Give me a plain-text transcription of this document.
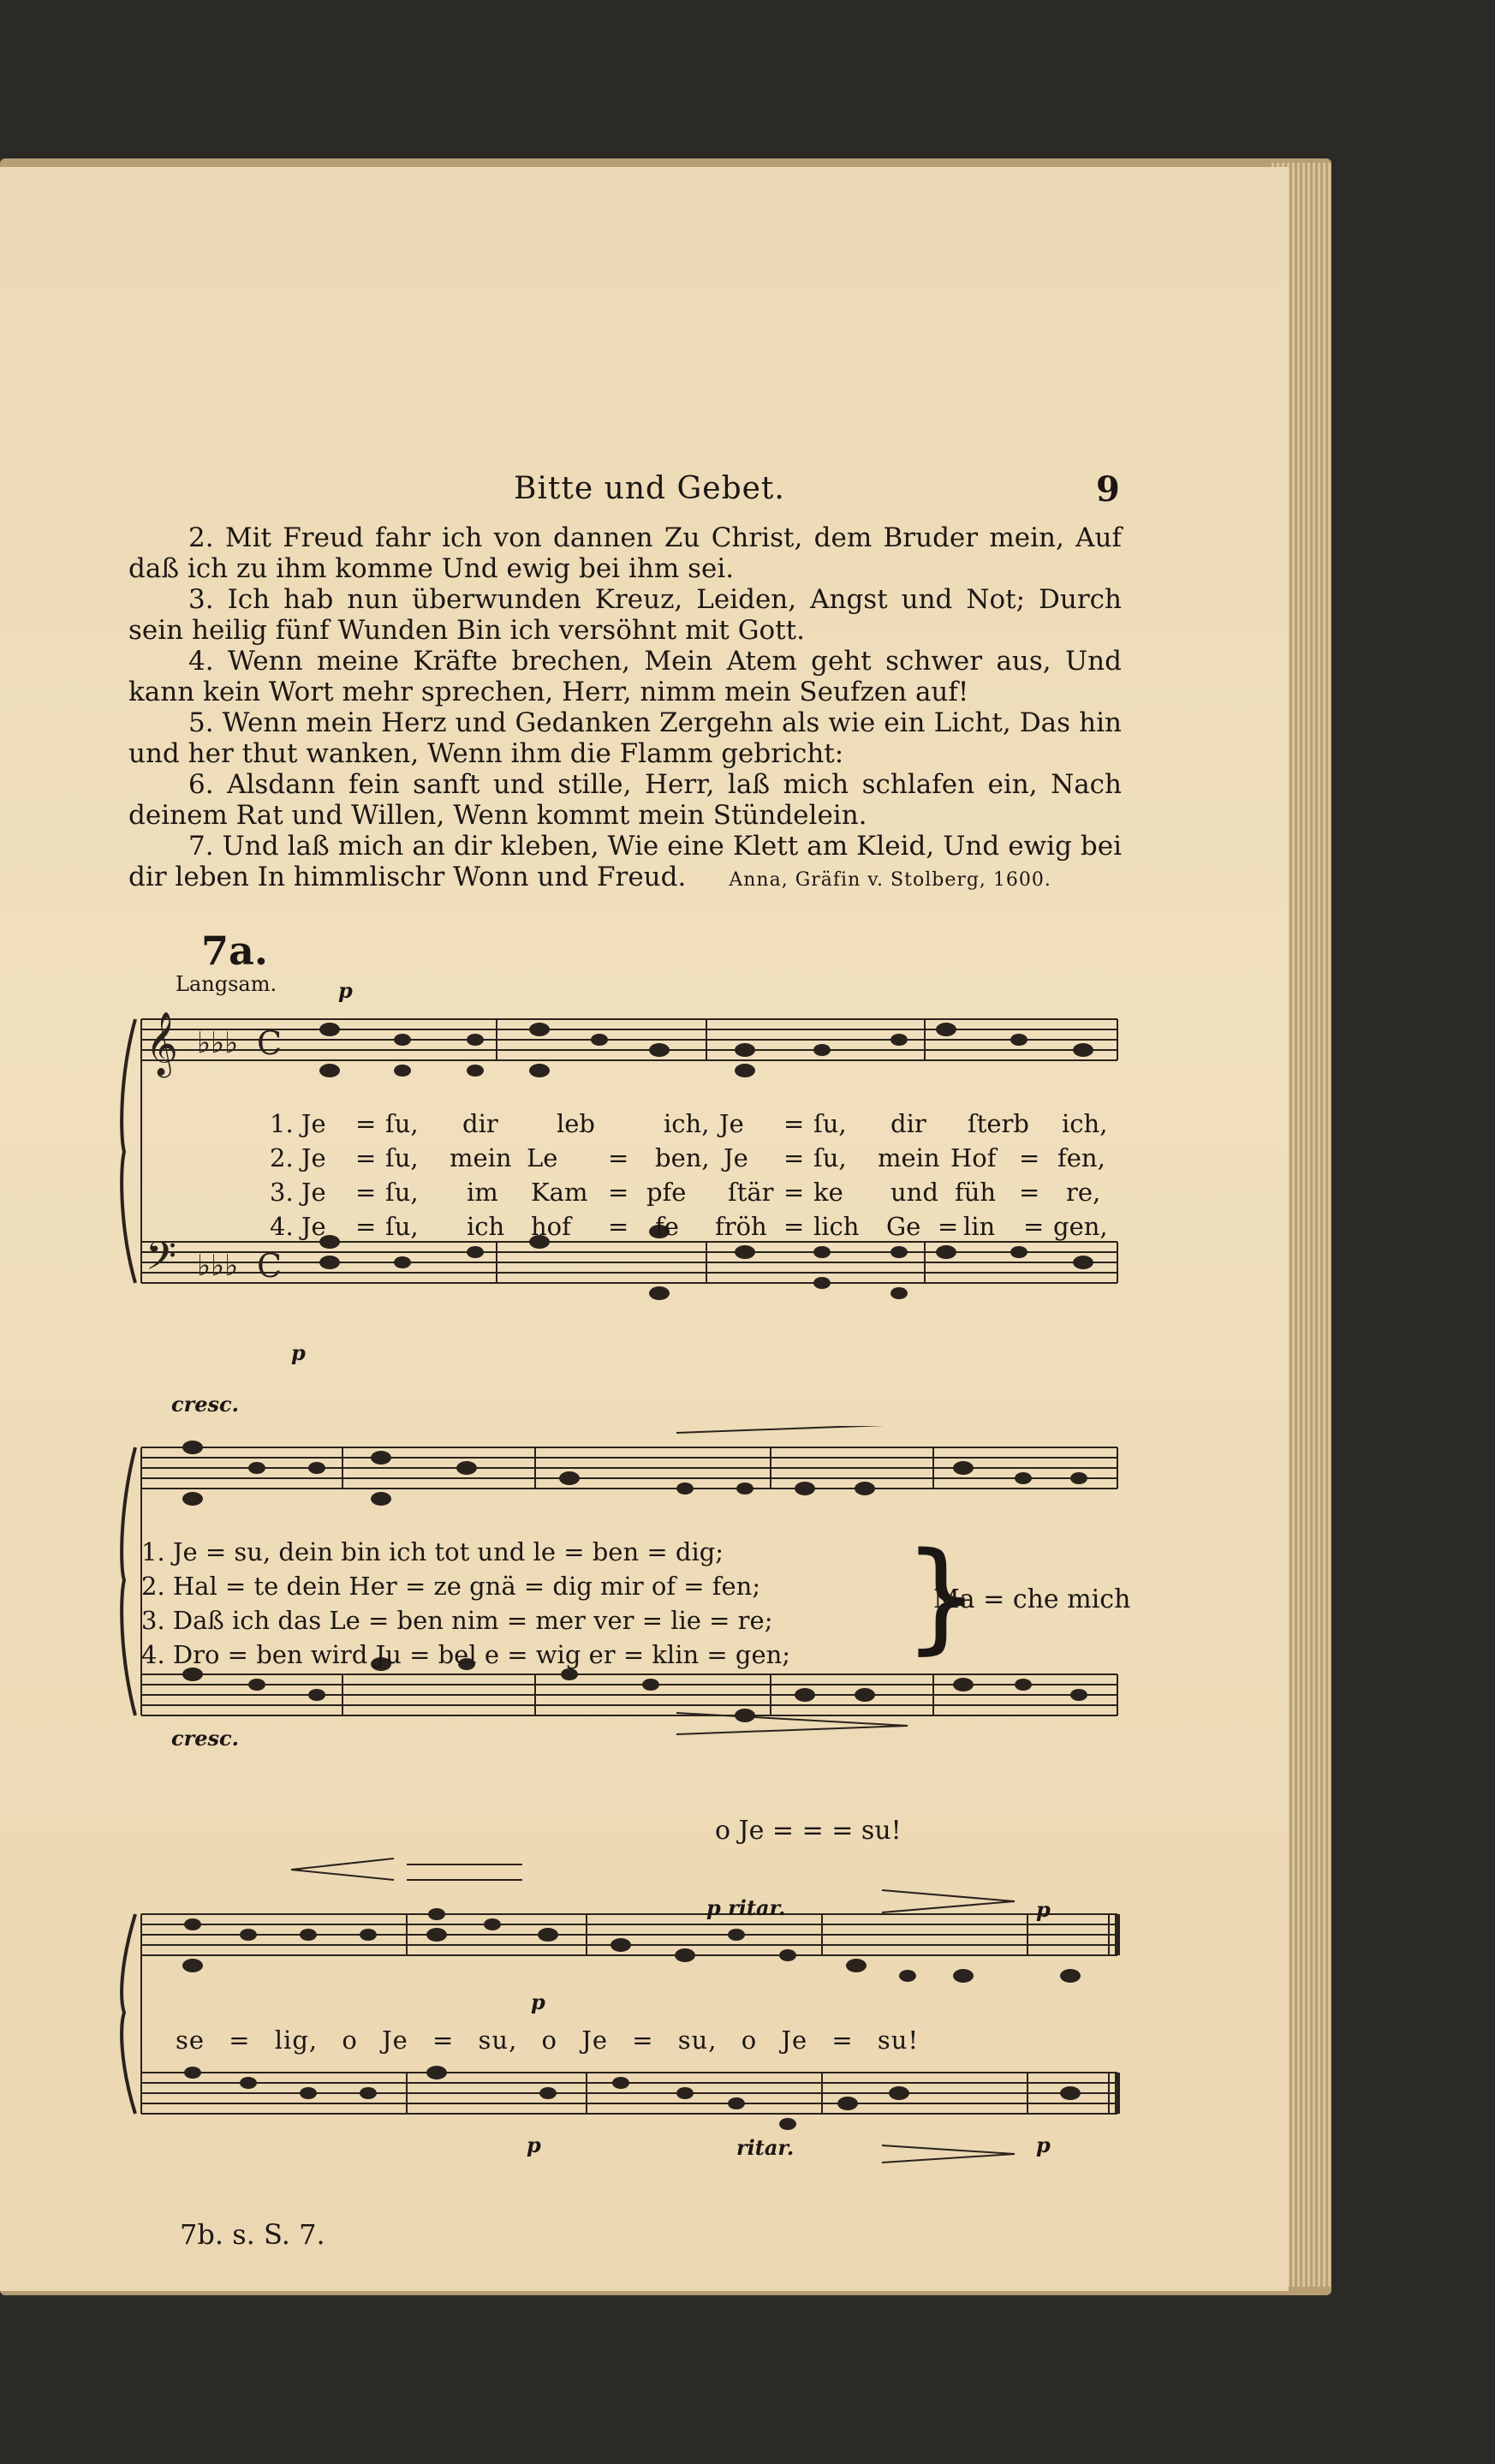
Bitte und Gebet.	9

2. Mit Freud fahr ich von dannen Zu Christ, dem Bruder mein, Auf daß ich zu ihm komme Und ewig bei ihm sei.

3. Ich hab nun überwunden Kreuz, Leiden, Angst und Not; Durch sein heilig fünf Wunden Bin ich versöhnt mit Gott.

4. Wenn meine Kräfte brechen, Mein Atem geht schwer aus, Und kann kein Wort mehr sprechen, Herr, nimm mein Seufzen auf!

5. Wenn mein Herz und Gedanken Zergehn als wie ein Licht, Das hin und her thut wanken, Wenn ihm die Flamm gebricht:

6. Alsdann fein sanft und stille, Herr, laß mich schlafen ein, Nach deinem Rat und Willen, Wenn kommt mein Stündelein.

7. Und laß mich an dir kleben, Wie eine Klett am Kleid, Und ewig bei dir leben In himmlischr Wonn und Freud. Anna, Gräfin v. Stolberg, 1600.

7a.
Langsam.
𝄞 ♭♭♭ C
𝄢 ♭♭♭ C
p
p
1. Je = ſu, dir leb	ich, Je = ſu, dir ſterb ich,
2. Je = ſu, mein Le = ben, Je = ſu, mein Hof = fen,
3. Je = ſu, im Kam = pfe ſtär = ke und füh = re,
4. Je = ſu, ich hof = fe fröh = lich Ge = lin = gen,
cresc.
cresc.
1. Je = su, dein bin ich tot und le = ben = dig;
2. Hal = te dein Her = ze gnä = dig mir of = fen;
3. Daß ich das Le = ben nim = mer ver = lie = re;
4. Dro = ben wird Ju = bel e = wig er = klin = gen; }
Ma = che mich
o Je = = = su!
p ritar.	p
p
se = lig, o Je = su, o Je = su, o Je = su!
p	ritar.	p
7b. s. S. 7.
